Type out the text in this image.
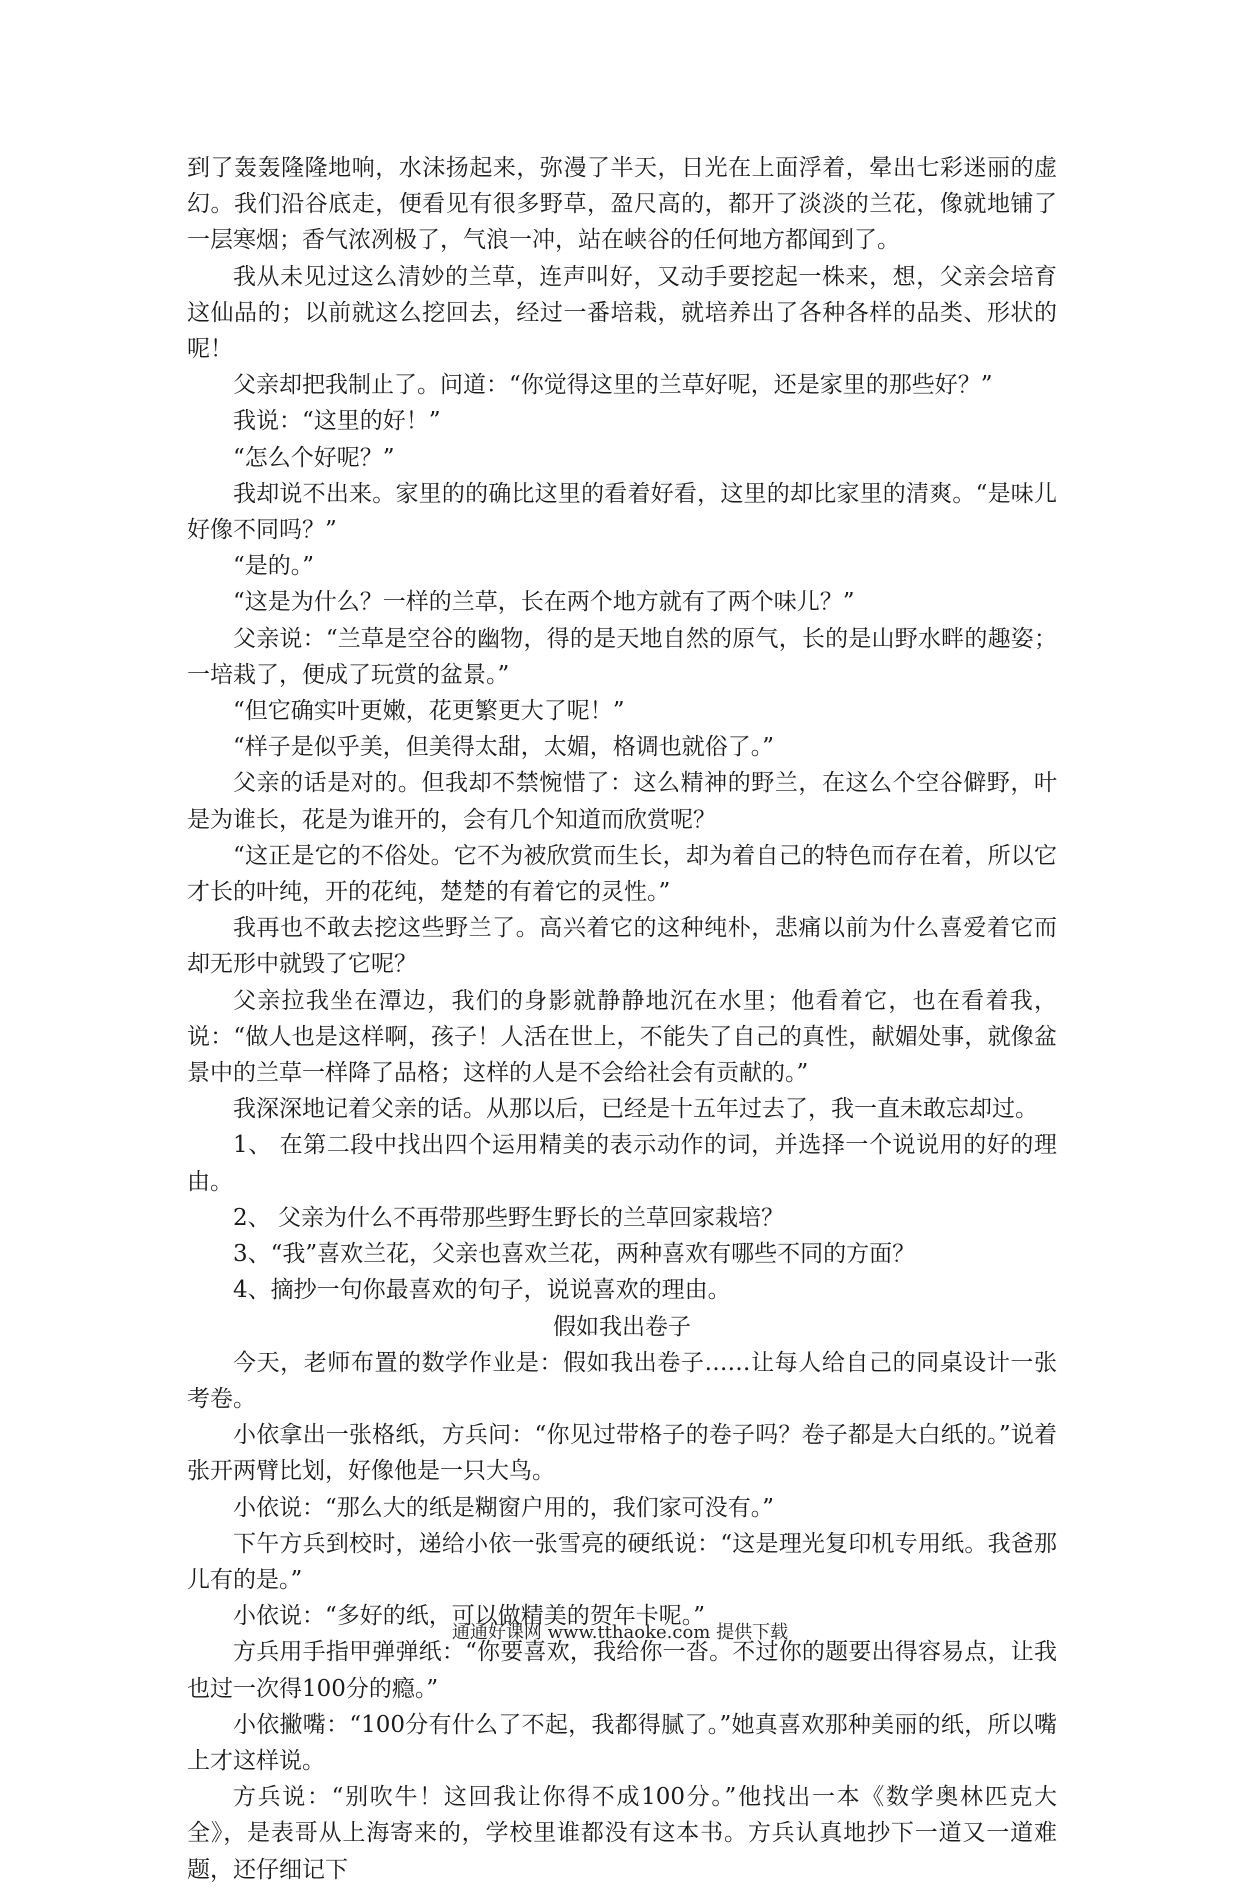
到了轰轰隆隆地响，水沫扬起来，弥漫了半天，日光在上面浮着，晕出七彩迷丽的虚幻。我们沿谷底走，便看见有很多野草，盈尺高的，都开了淡淡的兰花，像就地铺了一层寒烟；香气浓冽极了，气浪一冲，站在峡谷的任何地方都闻到了。

我从未见过这么清妙的兰草，连声叫好，又动手要挖起一株来，想，父亲会培育这仙品的；以前就这么挖回去，经过一番培栽，就培养出了各种各样的品类、形状的呢！

父亲却把我制止了。问道：“你觉得这里的兰草好呢，还是家里的那些好？”

我说：“这里的好！”

“怎么个好呢？”

我却说不出来。家里的的确比这里的看着好看，这里的却比家里的清爽。“是味儿好像不同吗？”

“是的。”

“这是为什么？一样的兰草，长在两个地方就有了两个味儿？”

父亲说：“兰草是空谷的幽物，得的是天地自然的原气，长的是山野水畔的趣姿；一培栽了，便成了玩赏的盆景。”

“但它确实叶更嫩，花更繁更大了呢！”

“样子是似乎美，但美得太甜，太媚，格调也就俗了。”

父亲的话是对的。但我却不禁惋惜了：这么精神的野兰，在这么个空谷僻野，叶是为谁长，花是为谁开的，会有几个知道而欣赏呢？

“这正是它的不俗处。它不为被欣赏而生长，却为着自己的特色而存在着，所以它才长的叶纯，开的花纯，楚楚的有着它的灵性。”

我再也不敢去挖这些野兰了。高兴着它的这种纯朴，悲痛以前为什么喜爱着它而却无形中就毁了它呢？

父亲拉我坐在潭边，我们的身影就静静地沉在水里；他看着它，也在看着我，说：“做人也是这样啊，孩子！人活在世上，不能失了自己的真性，献媚处事，就像盆景中的兰草一样降了品格；这样的人是不会给社会有贡献的。”

我深深地记着父亲的话。从那以后，已经是十五年过去了，我一直未敢忘却过。

1、 在第二段中找出四个运用精美的表示动作的词，并选择一个说说用的好的理由。

2、 父亲为什么不再带那些野生野长的兰草回家栽培？

3、“我”喜欢兰花，父亲也喜欢兰花，两种喜欢有哪些不同的方面？

4、摘抄一句你最喜欢的句子，说说喜欢的理由。

假如我出卷子

今天，老师布置的数学作业是：假如我出卷子……让每人给自己的同桌设计一张考卷。

小依拿出一张格纸，方兵问：“你见过带格子的卷子吗？卷子都是大白纸的。”说着张开两臂比划，好像他是一只大鸟。

小依说：“那么大的纸是糊窗户用的，我们家可没有。”

下午方兵到校时，递给小依一张雪亮的硬纸说：“这是理光复印机专用纸。我爸那儿有的是。”

小依说：“多好的纸，可以做精美的贺年卡呢。”

方兵用手指甲弹弹纸：“你要喜欢，我给你一沓。不过你的题要出得容易点，让我也过一次得100分的瘾。”

小依撇嘴：“100分有什么了不起，我都得腻了。”她真喜欢那种美丽的纸，所以嘴上才这样说。

方兵说：“别吹牛！这回我让你得不成100分。”他找出一本《数学奥林匹克大全》，是表哥从上海寄来的，学校里谁都没有这本书。方兵认真地抄下一道又一道难题，还仔细记下

通通好课网 www.tthaoke.com 提供下载
